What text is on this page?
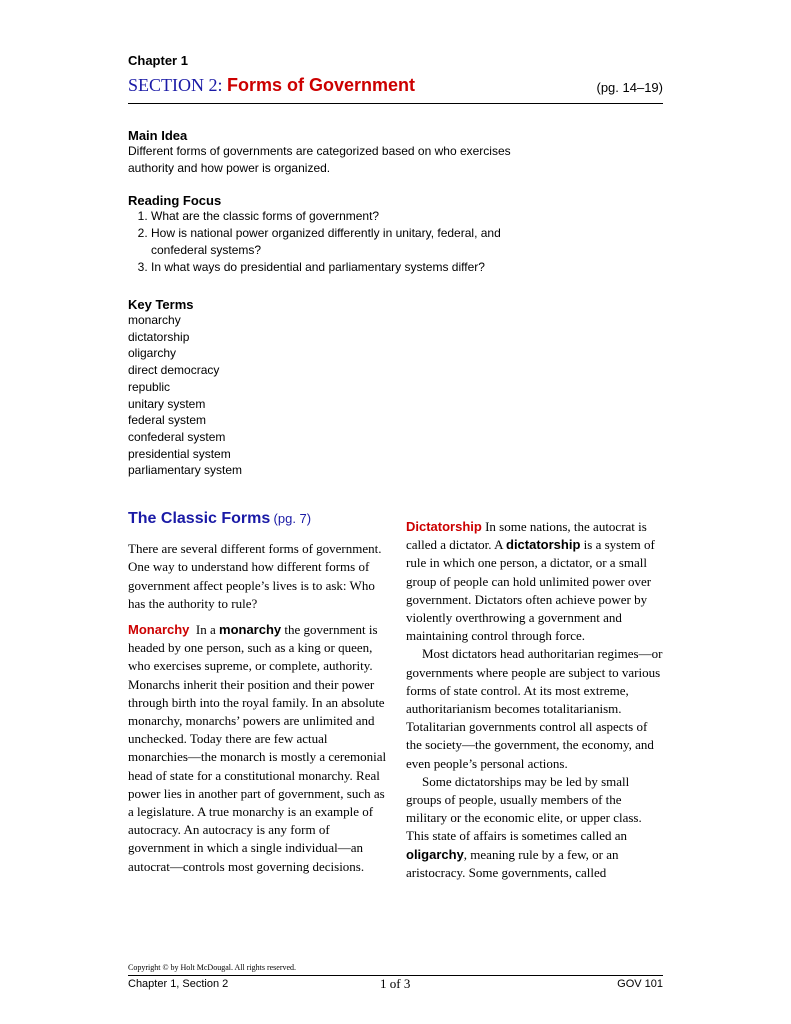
Chapter 1
SECTION 2: Forms of Government	(pg. 14–19)
Main Idea
Different forms of governments are categorized based on who exercises authority and how power is organized.
Reading Focus
1. What are the classic forms of government?
2. How is national power organized differently in unitary, federal, and confederal systems?
3. In what ways do presidential and parliamentary systems differ?
Key Terms
monarchy
dictatorship
oligarchy
direct democracy
republic
unitary system
federal system
confederal system
presidential system
parliamentary system
The Classic Forms (pg. 7)

There are several different forms of government. One way to understand how different forms of government affect people’s lives is to ask: Who has the authority to rule?

Monarchy In a monarchy the government is headed by one person, such as a king or queen, who exercises supreme, or complete, authority. Monarchs inherit their position and their power through birth into the royal family. In an absolute monarchy, monarchs’ powers are unlimited and unchecked. Today there are few actual monarchies—the monarch is mostly a ceremonial head of state for a constitutional monarchy. Real power lies in another part of government, such as a legislature. A true monarchy is an example of autocracy. An autocracy is any form of government in which a single individual—an autocrat—controls most governing decisions.

Dictatorship In some nations, the autocrat is called a dictator. A dictatorship is a system of rule in which one person, a dictator, or a small group of people can hold unlimited power over government. Dictators often achieve power by violently overthrowing a government and maintaining control through force.

Most dictators head authoritarian regimes—or governments where people are subject to various forms of state control. At its most extreme, authoritarianism becomes totalitarianism. Totalitarian governments control all aspects of the society—the government, the economy, and even people’s personal actions.

Some dictatorships may be led by small groups of people, usually members of the military or the economic elite, or upper class. This state of affairs is sometimes called an oligarchy, meaning rule by a few, or an aristocracy. Some governments, called

Copyright © by Holt McDougal. All rights reserved.
Chapter 1, Section 2	1 of 3	GOV 101
